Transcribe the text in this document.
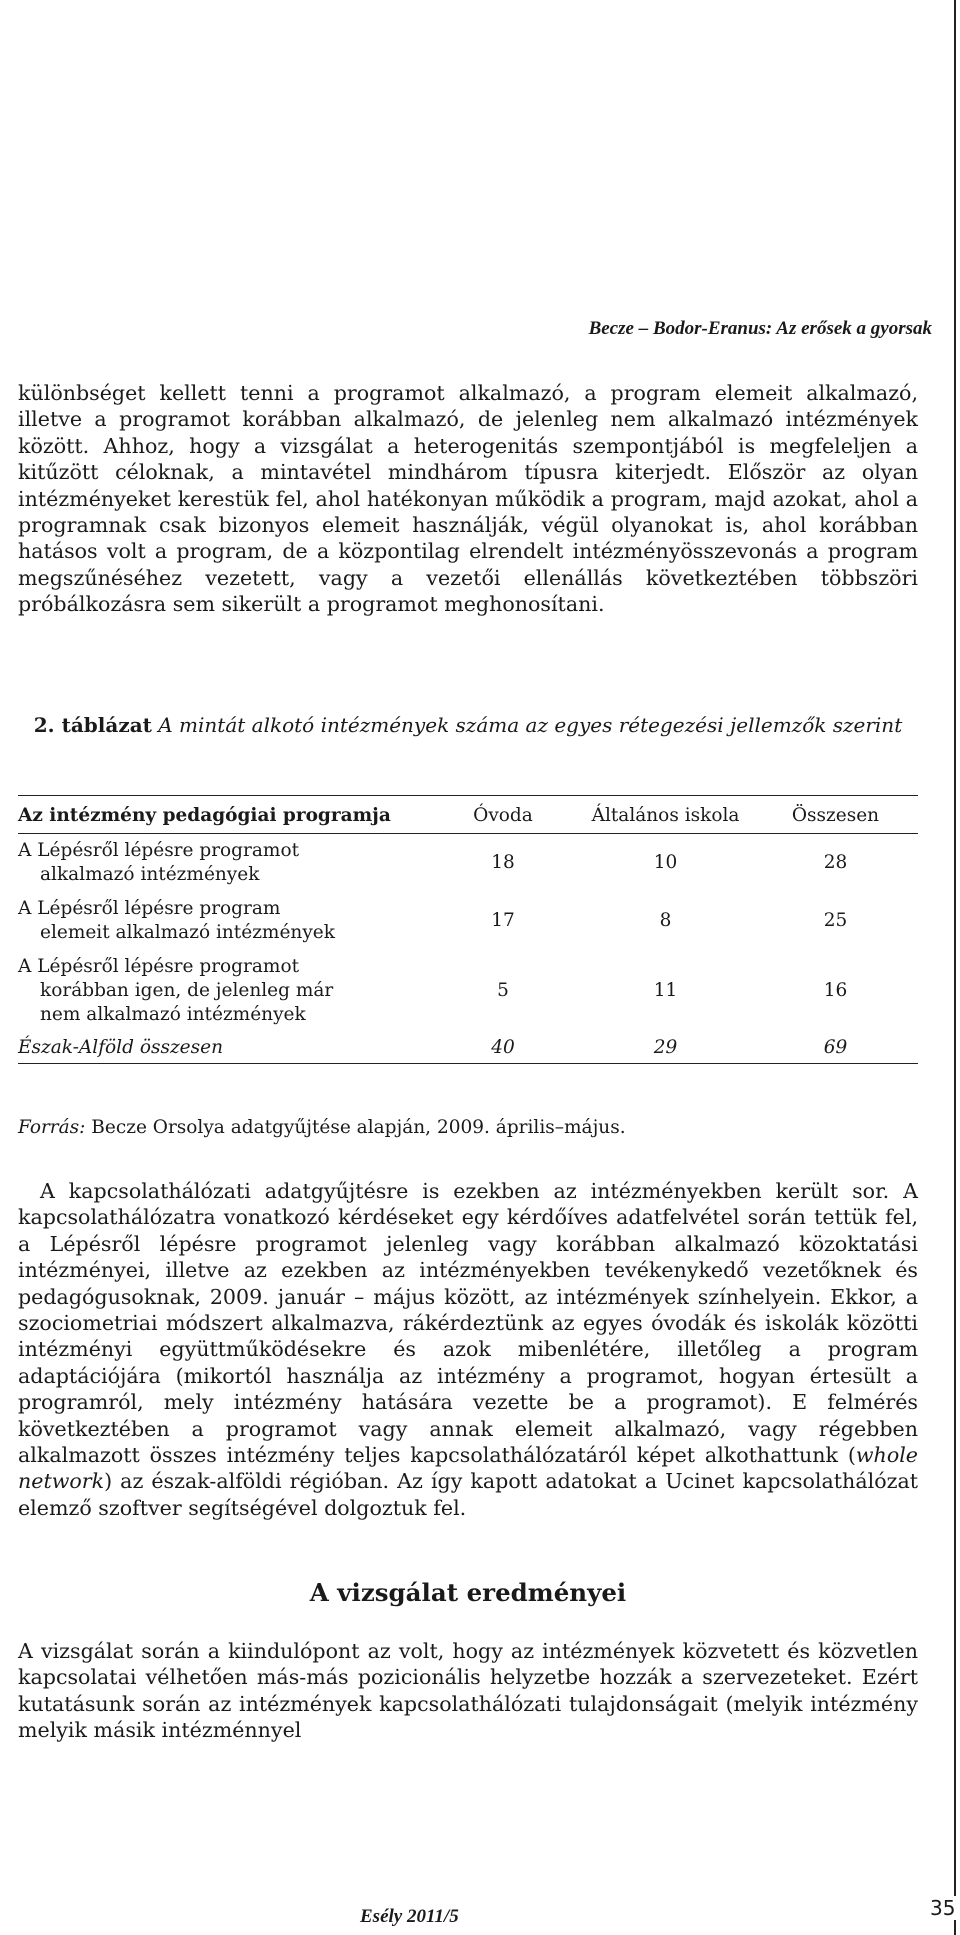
Becze – Bodor-Eranus: Az erősek a gyorsak

különbséget kellett tenni a programot alkalmazó, a program elemeit alkalmazó, illetve a programot korábban alkalmazó, de jelenleg nem alkalmazó intézmények között. Ahhoz, hogy a vizsgálat a heterogenitás szempontjából is megfeleljen a kitűzött céloknak, a mintavétel mindhárom típusra kiterjedt. Először az olyan intézményeket kerestük fel, ahol hatékonyan működik a program, majd azokat, ahol a programnak csak bizonyos elemeit használják, végül olyanokat is, ahol korábban hatásos volt a program, de a központilag elrendelt intézményösszevonás a program megszűnéséhez vezetett, vagy a vezetői ellenállás következtében többszöri próbálkozásra sem sikerült a programot meghonosítani.

2. táblázat A mintát alkotó intézmények száma az egyes rétegezési jellemzők szerint
Az intézmény pedagógiai programja	Óvoda	Általános iskola	Összesen
A Lépésről lépésre programot
alkalmazó intézmények	18	10	28
A Lépésről lépésre program
elemeit alkalmazó intézmények	17	8	25
A Lépésről lépésre programot
korábban igen, de jelenleg már
nem alkalmazó intézmények	5	11	16
Észak-Alföld összesen	40	29	69
Forrás: Becze Orsolya adatgyűjtése alapján, 2009. április–május.

A kapcsolathálózati adatgyűjtésre is ezekben az intézményekben került sor. A kapcsolathálózatra vonatkozó kérdéseket egy kérdőíves adatfelvétel során tettük fel, a Lépésről lépésre programot jelenleg vagy korábban alkalmazó közoktatási intézményei, illetve az ezekben az intézményekben tevékenykedő vezetőknek és pedagógusoknak, 2009. január – május között, az intézmények színhelyein. Ekkor, a szociometriai módszert alkalmazva, rákérdeztünk az egyes óvodák és iskolák közötti intézményi együttműködésekre és azok mibenlétére, illetőleg a program adaptációjára (mikortól használja az intézmény a programot, hogyan értesült a programról, mely intézmény hatására vezette be a programot). E felmérés következtében a programot vagy annak elemeit alkalmazó, vagy régebben alkalmazott összes intézmény teljes kapcsolathálózatáról képet alkothattunk (whole network) az észak-alföldi régióban. Az így kapott adatokat a Ucinet kapcsolathálózat elemző szoftver segítségével dolgoztuk fel.

A vizsgálat eredményei

A vizsgálat során a kiindulópont az volt, hogy az intézmények közvetett és közvetlen kapcsolatai vélhetően más-más pozicionális helyzetbe hozzák a szervezeteket. Ezért kutatásunk során az intézmények kapcsolathálózati tulajdonságait (melyik intézmény melyik másik intézménnyel

Esély 2011/5	35
